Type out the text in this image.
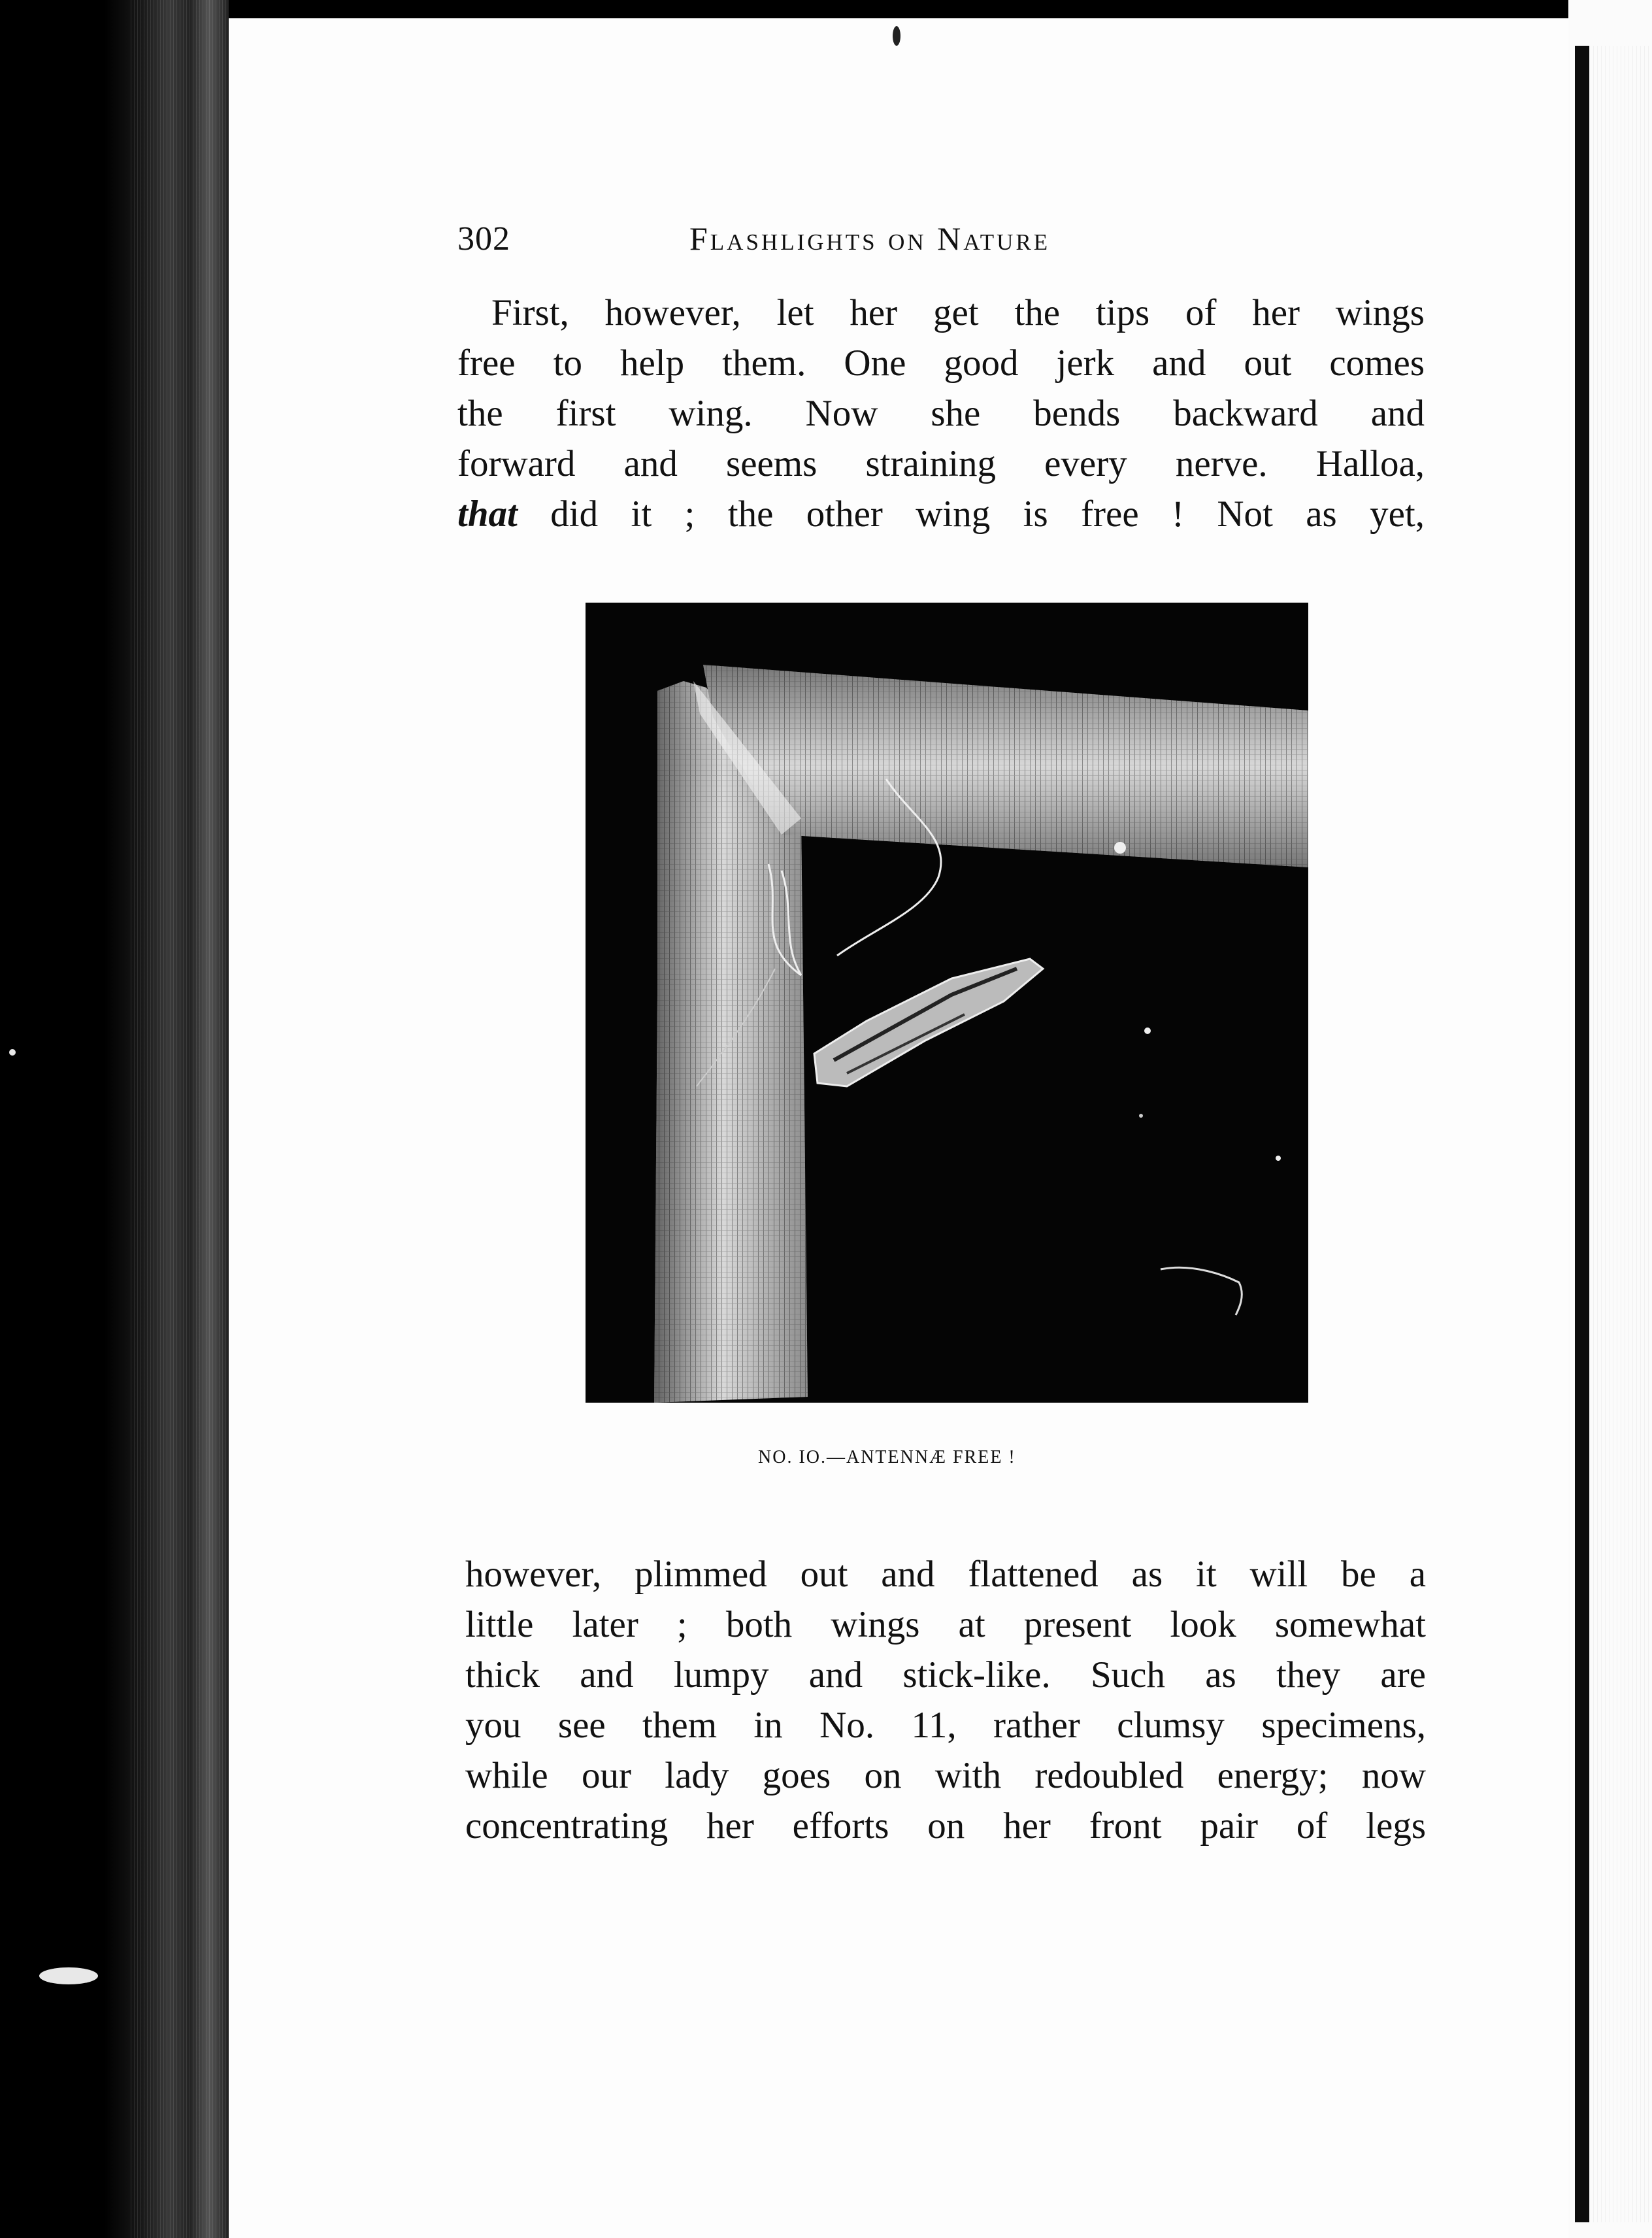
302	Flashlights on Nature
First, however, let her get the tips of her wings
free to help them. One good jerk and out comes
the first wing. Now she bends backward and
forward and seems straining every nerve. Halloa,
that did it ; the other wing is free ! Not as yet,
NO. IO.—ANTENNÆ FREE !
however, plimmed out and flattened as it will be a
little later ; both wings at present look somewhat
thick and lumpy and stick-like. Such as they are
you see them in No. 11, rather clumsy specimens,
while our lady goes on with redoubled energy; now
concentrating her efforts on her front pair of legs
